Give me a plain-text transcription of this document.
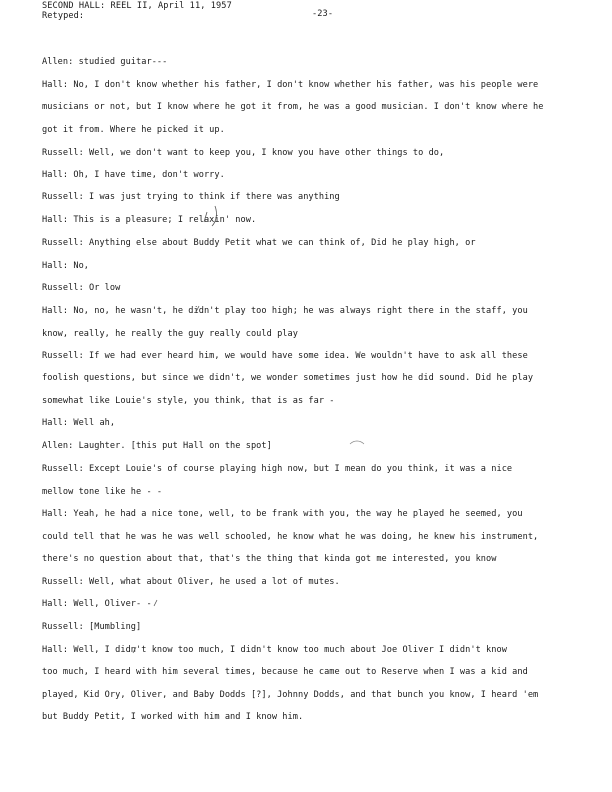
SECOND HALL: REEL II, April 11, 1957
-23-
Retyped:
Allen: studied guitar---
Hall: No, I don't know whether his father, I don't know whether his father, was his people were
musicians or not, but I know where he got it from, he was a good musician. I don't know where he
got it from. Where he picked it up.
Russell: Well, we don't want to keep you, I know you have other things to do,
Hall: Oh, I have time, don't worry.
Russell: I was just trying to think if there was anything
Hall: This is a pleasure; I relaxin' now.
Russell: Anything else about Buddy Petit what we can think of, Did he play high, or
Hall: No,
Russell: Or low
Hall: No, no, he wasn't, he didn't play too high; he was always right there in the staff, you
know, really, he really the guy really could play
Russell: If we had ever heard him, we would have some idea. We wouldn't have to ask all these
foolish questions, but since we didn't, we wonder sometimes just how he did sound. Did he play
somewhat like Louie's style, you think, that is as far -
Hall: Well ah,
Allen: Laughter. [this put Hall on the spot]
Russell: Except Louie's of course playing high now, but I mean do you think, it was a nice
mellow tone like he - -
Hall: Yeah, he had a nice tone, well, to be frank with you, the way he played he seemed, you
could tell that he was he was well schooled, he know what he was doing, he knew his instrument,
there's no question about that, that's the thing that kinda got me interested, you know
Russell: Well, what about Oliver, he used a lot of mutes.
Hall: Well, Oliver- -
Russell: [Mumbling]
Hall: Well, I didn't know too much, I didn't know too much about Joe Oliver I didn't know
too much, I heard with him several times, because he came out to Reserve when I was a kid and
played, Kid Ory, Oliver, and Baby Dodds [?], Johnny Dodds, and that bunch you know, I heard 'em
but Buddy Petit, I worked with him and I know him.
